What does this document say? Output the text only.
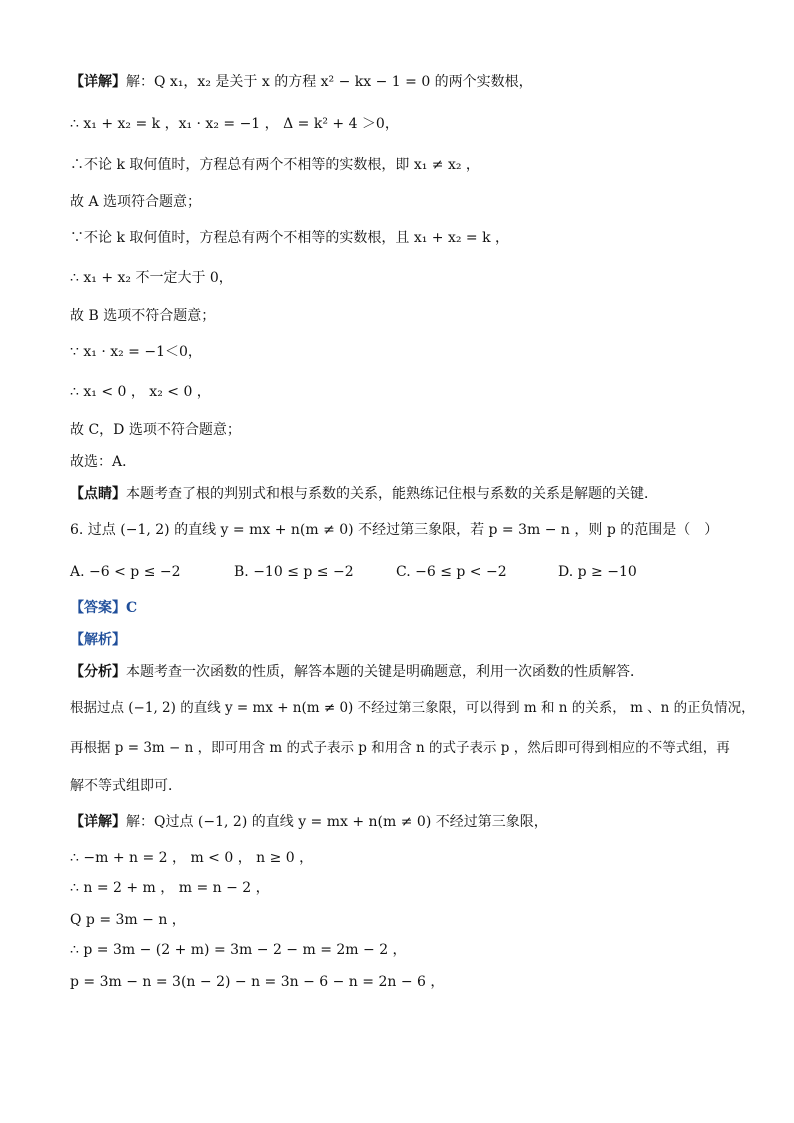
【详解】解：Q x₁，x₂ 是关于 x 的方程 x² − kx − 1 = 0 的两个实数根，
∴ x₁ + x₂ = k ，x₁ · x₂ = −1 ， Δ = k² + 4 ＞0，
∴不论 k 取何值时，方程总有两个不相等的实数根，即 x₁ ≠ x₂ ，
故 A 选项符合题意；
∵不论 k 取何值时，方程总有两个不相等的实数根，且 x₁ + x₂ = k ，
∴ x₁ + x₂ 不一定大于 0，
故 B 选项不符合题意；
∵ x₁ · x₂ = −1＜0，
∴ x₁ < 0 ， x₂ < 0 ，
故 C，D 选项不符合题意；
故选：A．
【点睛】本题考查了根的判别式和根与系数的关系，能熟练记住根与系数的关系是解题的关键．
6. 过点 (−1, 2) 的直线 y = mx + n(m ≠ 0) 不经过第三象限，若 p = 3m − n ，则 p 的范围是（　）
A. −6 < p ≤ −2	B. −10 ≤ p ≤ −2	C. −6 ≤ p < −2	D. p ≥ −10
【答案】C
【解析】
【分析】本题考查一次函数的性质，解答本题的关键是明确题意，利用一次函数的性质解答．
根据过点 (−1, 2) 的直线 y = mx + n(m ≠ 0) 不经过第三象限，可以得到 m 和 n 的关系， m 、n 的正负情况，
再根据 p = 3m − n ，即可用含 m 的式子表示 p 和用含 n 的式子表示 p ，然后即可得到相应的不等式组，再
解不等式组即可．
【详解】解：Q过点 (−1, 2) 的直线 y = mx + n(m ≠ 0) 不经过第三象限，
∴ −m + n = 2 ， m < 0 ， n ≥ 0 ，
∴ n = 2 + m ， m = n − 2 ，
Q p = 3m − n ，
∴ p = 3m − (2 + m) = 3m − 2 − m = 2m − 2 ，
p = 3m − n = 3(n − 2) − n = 3n − 6 − n = 2n − 6 ，
